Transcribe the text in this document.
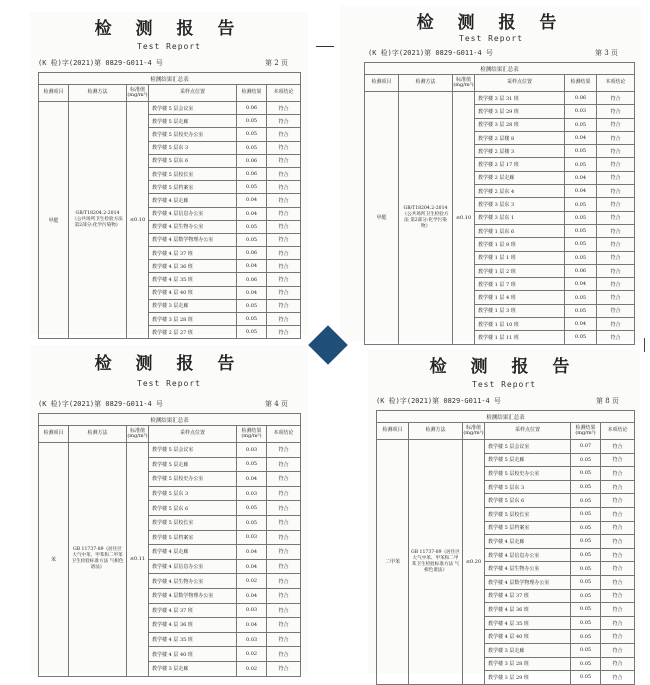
检 测 报 告
Test Report
(K 检)字(2021)第 0829-G011-4 号	第 2 页
检测结果汇总表					
检测项目	检测方法	标准值(mg/m³)	采样点位置	检测结果	本项结论
甲醛	GB/T18204.2-2014《公共场所卫生检验方法 第2部分:化学污染物》	≤0.10	教学楼 5 层会议室	0.06	符合
			教学楼 5 层走廊	0.05	符合
			教学楼 5 层校史办公室	0.05	符合
			教学楼 5 层东 3	0.05	符合
			教学楼 5 层东 6	0.06	符合
			教学楼 5 层校长室	0.06	符合
			教学楼 5 层档案室	0.05	符合
			教学楼 4 层走廊	0.04	符合
			教学楼 4 层信息办公室	0.04	符合
			教学楼 4 层生物办公室	0.05	符合
			教学楼 4 层数学物理办公室	0.05	符合
			教学楼 4 层 37 班	0.06	符合
			教学楼 4 层 36 班	0.04	符合
			教学楼 4 层 35 班	0.06	符合
			教学楼 4 层 40 班	0.04	符合
			教学楼 3 层走廊	0.05	符合
			教学楼 3 层 28 班	0.05	符合
			教学楼 2 层 27 班	0.05	符合
检 测 报 告
Test Report
(K 检)字(2021)第 0829-G011-4 号	第 3 页
检测结果汇总表					
检测项目	检测方法	标准值(mg/m³)	采样点位置	检测结果	本项结论
甲醛	GB/T18204.2-2014《公共场所卫生检验方法 第2部分:化学污染物》	≤0.10	教学楼 3 层 31 班	0.06	符合
			教学楼 3 层 29 班	0.03	符合
			教学楼 3 层 28 班	0.05	符合
			教学楼 2 层楼 8	0.04	符合
			教学楼 2 层楼 3	0.05	符合
			教学楼 2 层 17 班	0.05	符合
			教学楼 2 层走廊	0.04	符合
			教学楼 2 层东 4	0.04	符合
			教学楼 3 层东 3	0.05	符合
			教学楼 3 层东 1	0.05	符合
			教学楼 1 层东 6	0.05	符合
			教学楼 1 层 8 班	0.05	符合
			教学楼 1 层 1 班	0.05	符合
			教学楼 1 层 2 班	0.06	符合
			教学楼 1 层 7 班	0.04	符合
			教学楼 1 层 4 班	0.05	符合
			教学楼 1 层 3 班	0.05	符合
			教学楼 1 层 10 班	0.04	符合
			教学楼 1 层 11 班	0.05	符合
检 测 报 告
Test Report
(K 检)字(2021)第 0829-G011-4 号	第 4 页
检测结果汇总表					
检测项目	检测方法	标准值(mg/m³)	采样点位置	检测结果(mg/m³)	本项结论
苯	GB 11737-89《居住区大气中苯、甲苯和二甲苯卫生检验标准方法 气相色谱法》	≤0.11	教学楼 5 层会议室	0.03	符合
			教学楼 5 层走廊	0.05	符合
			教学楼 5 层校史办公室	0.04	符合
			教学楼 5 层东 3	0.03	符合
			教学楼 5 层东 6	0.05	符合
			教学楼 5 层校长室	0.05	符合
			教学楼 5 层档案室	0.03	符合
			教学楼 4 层走廊	0.04	符合
			教学楼 4 层信息办公室	0.04	符合
			教学楼 4 层生物办公室	0.02	符合
			教学楼 4 层数学物理办公室	0.04	符合
			教学楼 4 层 37 班	0.03	符合
			教学楼 4 层 36 班	0.04	符合
			教学楼 4 层 35 班	0.03	符合
			教学楼 4 层 40 班	0.02	符合
			教学楼 3 层走廊	0.02	符合
检 测 报 告
Test Report
(K 检)字(2021)第 0829-G011-4 号	第 8 页
检测结果汇总表					
检测项目	检测方法	标准值(mg/m³)	采样点位置	检测结果(mg/m³)	本项结论
二甲苯	GB 11737-89《居住区大气中苯、甲苯和二甲苯卫生检验标准方法 气相色谱法》	≤0.20	教学楼 5 层会议室	0.07	符合
			教学楼 5 层走廊	0.05	符合
			教学楼 5 层校史办公室	0.05	符合
			教学楼 5 层东 3	0.05	符合
			教学楼 5 层东 6	0.05	符合
			教学楼 5 层校长室	0.05	符合
			教学楼 5 层档案室	0.05	符合
			教学楼 4 层走廊	0.05	符合
			教学楼 4 层信息办公室	0.05	符合
			教学楼 4 层生物办公室	0.05	符合
			教学楼 4 层数学物理办公室	0.05	符合
			教学楼 4 层 37 班	0.05	符合
			教学楼 4 层 36 班	0.05	符合
			教学楼 4 层 35 班	0.05	符合
			教学楼 4 层 40 班	0.05	符合
			教学楼 3 层走廊	0.05	符合
			教学楼 3 层 28 班	0.05	符合
			教学楼 3 层 29 班	0.05	符合
